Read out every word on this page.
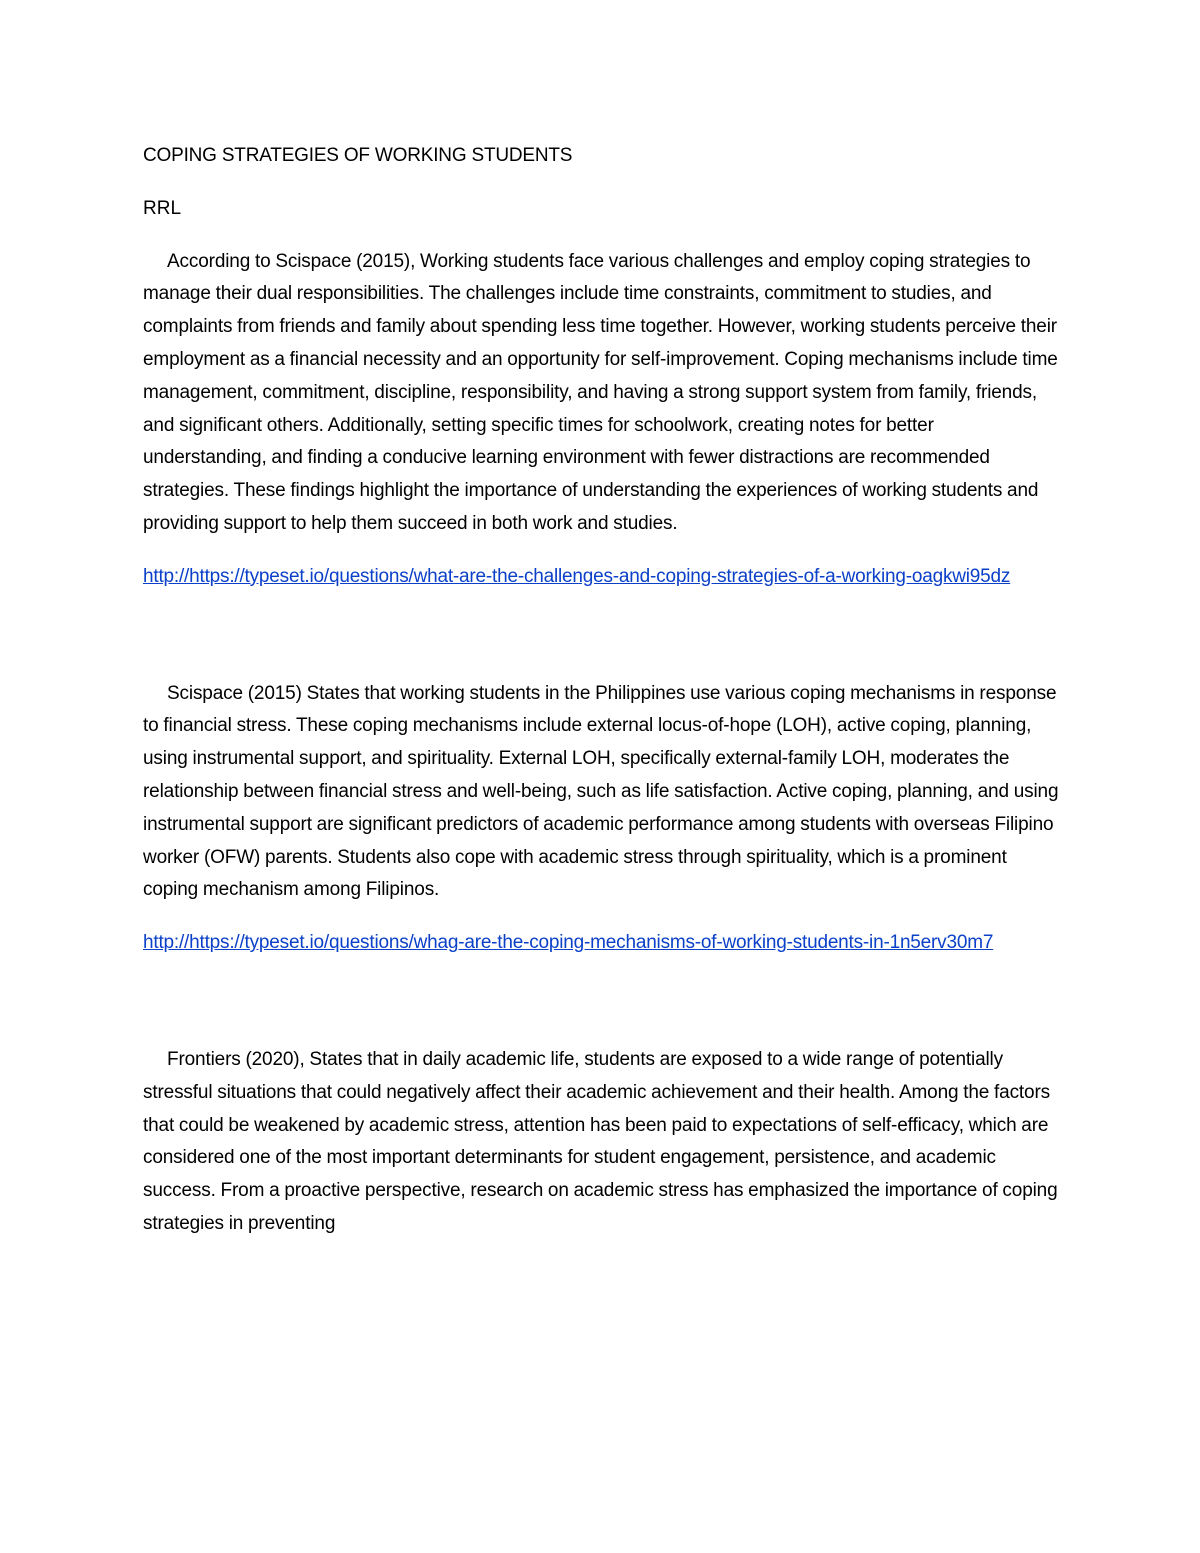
COPING STRATEGIES OF WORKING STUDENTS
RRL

According to Scispace (2015), Working students face various challenges and employ coping strategies to manage their dual responsibilities. The challenges include time constraints, commitment to studies, and complaints from friends and family about spending less time together. However, working students perceive their employment as a financial necessity and an opportunity for self-improvement. Coping mechanisms include time management, commitment, discipline, responsibility, and having a strong support system from family, friends, and significant others. Additionally, setting specific times for schoolwork, creating notes for better understanding, and finding a conducive learning environment with fewer distractions are recommended strategies. These findings highlight the importance of understanding the experiences of working students and providing support to help them succeed in both work and studies.

http://https://typeset.io/questions/what-are-the-challenges-and-coping-strategies-of-a-working-oagkwi95dz

Scispace (2015) States that working students in the Philippines use various coping mechanisms in response to financial stress. These coping mechanisms include external locus-of-hope (LOH), active coping, planning, using instrumental support, and spirituality. External LOH, specifically external-family LOH, moderates the relationship between financial stress and well-being, such as life satisfaction. Active coping, planning, and using instrumental support are significant predictors of academic performance among students with overseas Filipino worker (OFW) parents. Students also cope with academic stress through spirituality, which is a prominent coping mechanism among Filipinos.

http://https://typeset.io/questions/whag-are-the-coping-mechanisms-of-working-students-in-1n5erv30m7

Frontiers (2020), States that in daily academic life, students are exposed to a wide range of potentially stressful situations that could negatively affect their academic achievement and their health. Among the factors that could be weakened by academic stress, attention has been paid to expectations of self-efficacy, which are considered one of the most important determinants for student engagement, persistence, and academic success. From a proactive perspective, research on academic stress has emphasized the importance of coping strategies in preventing
